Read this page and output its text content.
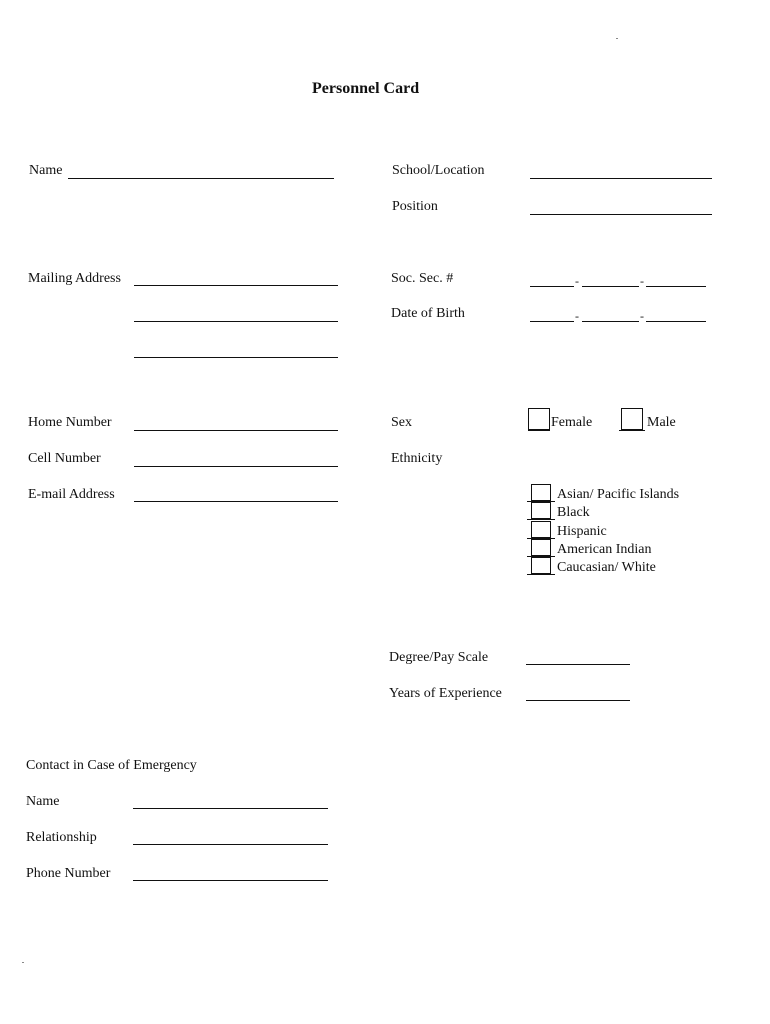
Personnel Card
Name
Mailing Address
Home Number
Cell Number
E-mail Address
School/Location
Position
Soc. Sec. #	-	-
Date of Birth	-	-
Sex	Female	Male
Ethnicity
Asian/ Pacific Islands
Black
Hispanic
American Indian
Caucasian/ White
Degree/Pay Scale
Years of Experience
Contact in Case of Emergency
Name
Relationship
Phone Number
